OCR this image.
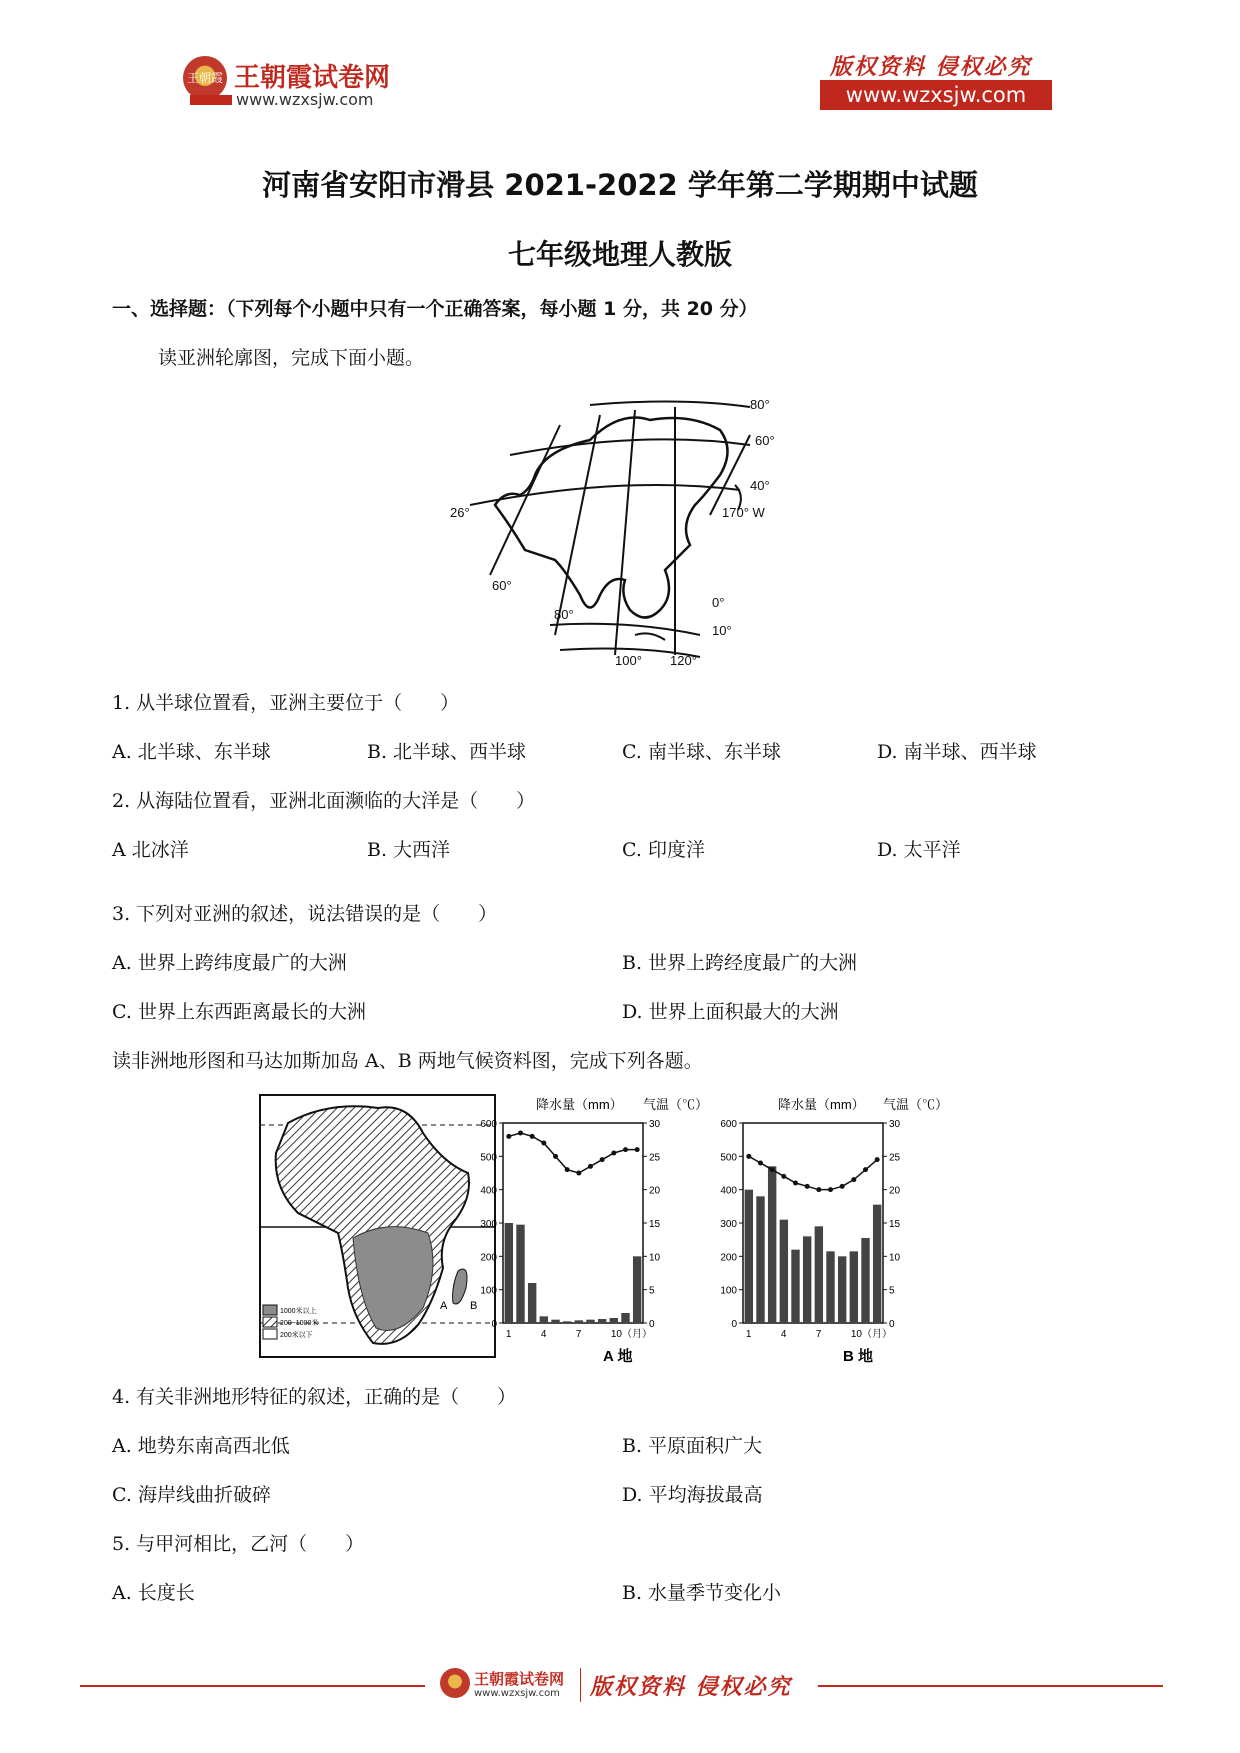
王朝霞 王朝霞试卷网
www.wzxsjw.com
版权资料 侵权必究
www.wzxsjw.com
河南省安阳市滑县 2021-2022 学年第二学期期中试题
七年级地理人教版
一、选择题：（下列每个小题中只有一个正确答案，每小题 1 分，共 20 分）
读亚洲轮廓图，完成下面小题。
80°
60°
40°
170° W
26°
60°
0°
10°
80°
100° 120°
1. 从半球位置看，亚洲主要位于（　　）
A. 北半球、东半球	B. 北半球、西半球	C. 南半球、东半球	D. 南半球、西半球
2. 从海陆位置看，亚洲北面濒临的大洋是（　　）
A 北冰洋	B. 大西洋	C. 印度洋	D. 太平洋
3. 下列对亚洲的叙述，说法错误的是（　　）
A. 世界上跨纬度最广的大洲	B. 世界上跨经度最广的大洲
C. 世界上东西距离最长的大洲	D. 世界上面积最大的大洲
读非洲地形图和马达加斯加岛 A、B 两地气候资料图，完成下列各题。
A B
1000米以上
200~1000米
200米以下
降水量（mm） 气温（℃）
A 地
600
500
400
300
200
100
0
30
25
20
15
10
5
0
1	4	7	10（月）
降水量（mm） 气温（℃）
B 地
600
500
400
300
200
100
0
30
25
20
15
10
5
0
1	4	7	10（月）
4. 有关非洲地形特征的叙述，正确的是（　　）
A. 地势东南高西北低	B. 平原面积广大
C. 海岸线曲折破碎	D. 平均海拔最高
5. 与甲河相比，乙河（　　）
A. 长度长	B. 水量季节变化小
王朝霞试卷网
www.wzxsjw.com 版权资料 侵权必究
